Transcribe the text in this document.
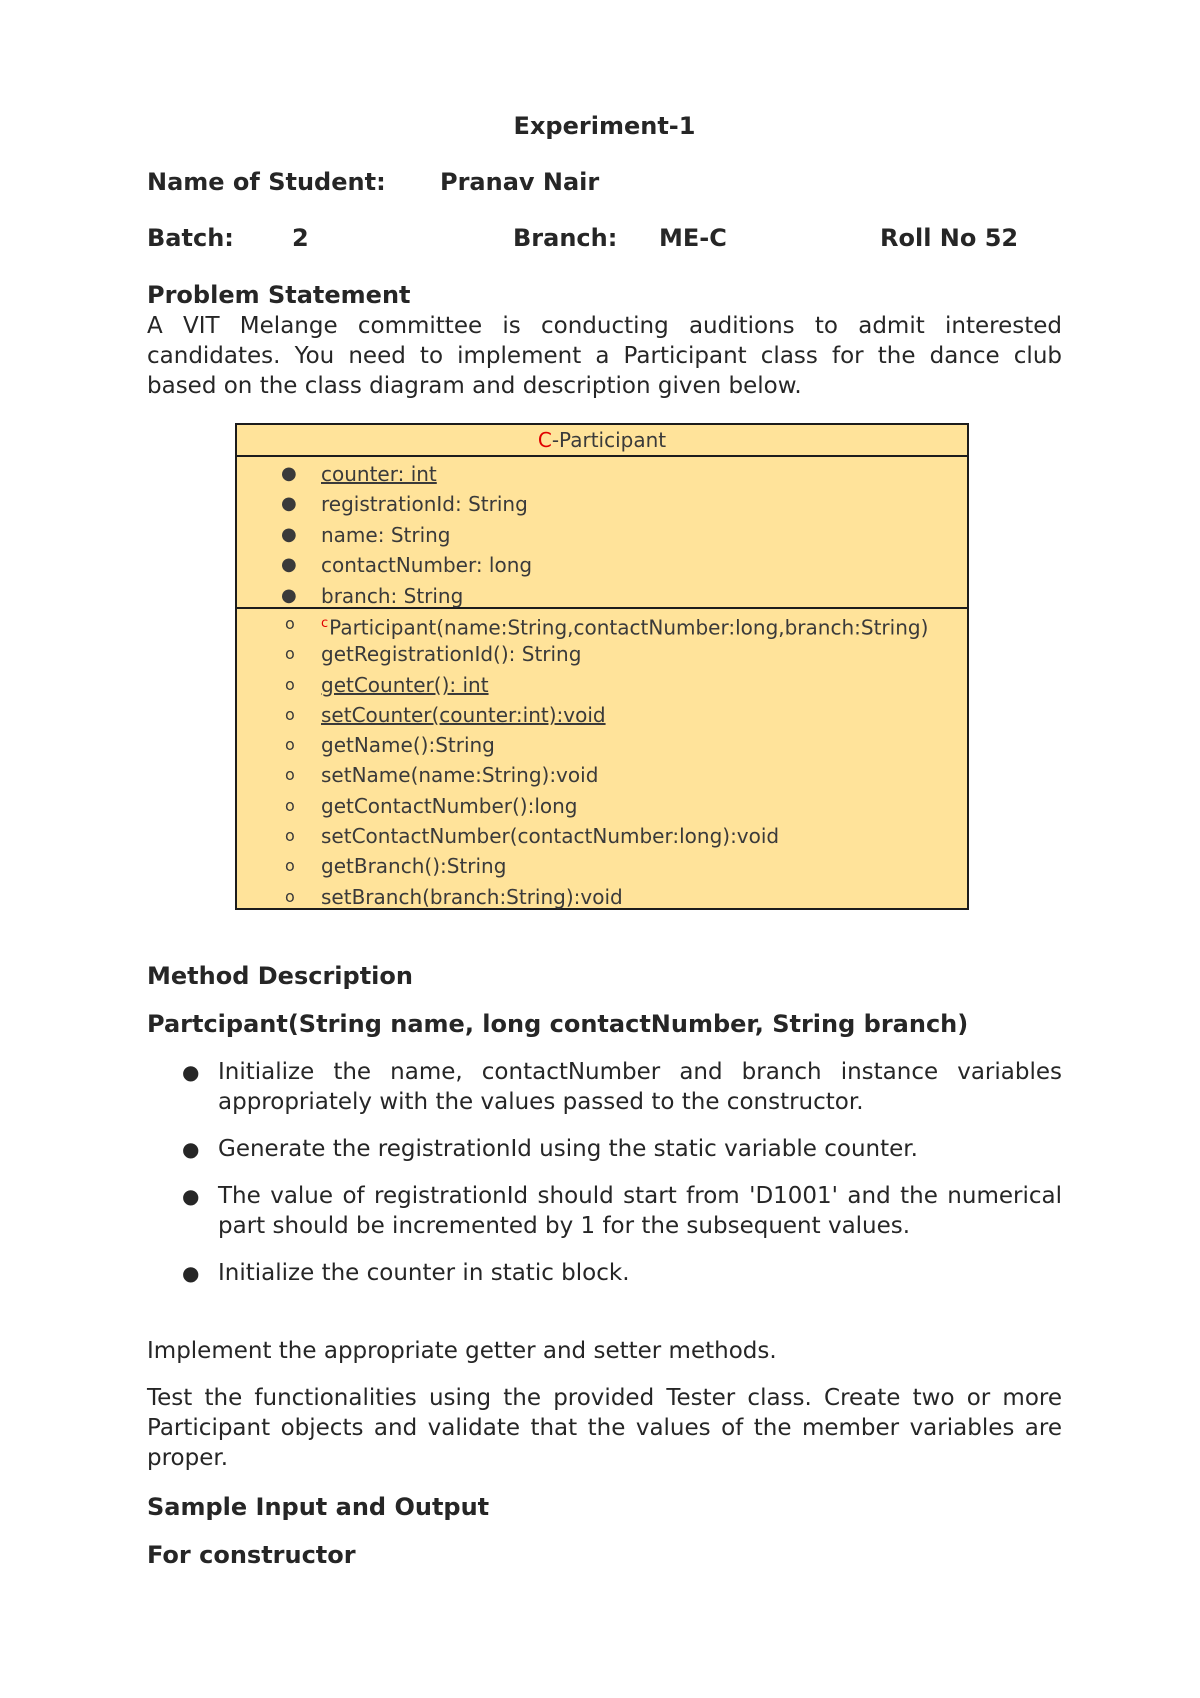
Experiment-1
Name of Student: Pranav Nair
Batch: 2	Branch: ME-C	Roll No 52
Problem Statement
A VIT Melange committee is conducting auditions to admit interested candidates. You need to implement a Participant class for the dance club based on the class diagram and description given below.
C-Participant
● counter: int
● registrationId: String
● name: String
● contactNumber: long
● branch: String
o $^c$Participant(name:String,contactNumber:long,branch:String)
o getRegistrationId(): String
o getCounter(): int
o setCounter(counter:int):void
o getName():String
o setName(name:String):void
o getContactNumber():long
o setContactNumber(contactNumber:long):void
o getBranch():String
o setBranch(branch:String):void
Method Description
Partcipant(String name, long contactNumber, String branch)
● Initialize the name, contactNumber and branch instance variables appropriately with the values passed to the constructor.
● Generate the registrationId using the static variable counter.
● The value of registrationId should start from 'D1001' and the numerical part should be incremented by 1 for the subsequent values.
● Initialize the counter in static block.
Implement the appropriate getter and setter methods.
Test the functionalities using the provided Tester class. Create two or more Participant objects and validate that the values of the member variables are proper.
Sample Input and Output
For constructor
